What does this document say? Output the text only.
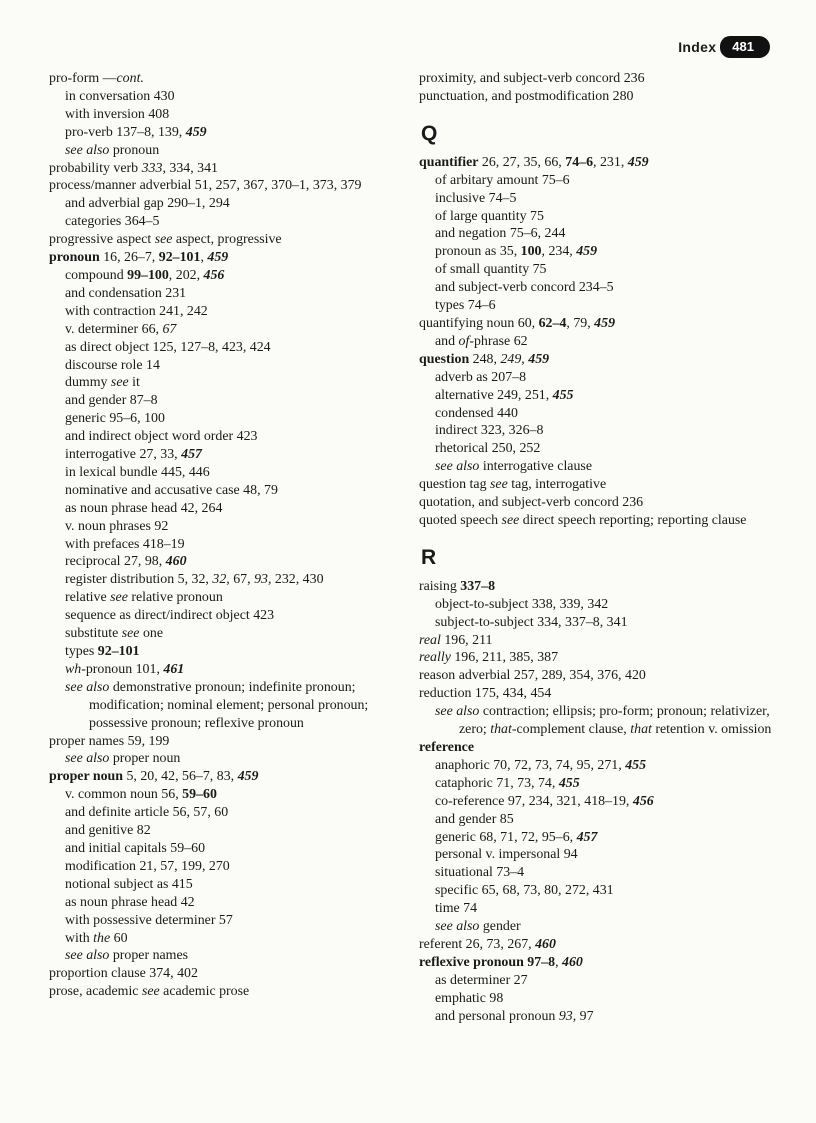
Index	481
pro-form —cont.
in conversation 430
with inversion 408
pro-verb 137–8, 139, 459
see also pronoun
probability verb 333, 334, 341
process/manner adverbial 51, 257, 367, 370–1, 373, 379
and adverbial gap 290–1, 294
categories 364–5
progressive aspect see aspect, progressive
pronoun 16, 26–7, 92–101, 459
compound 99–100, 202, 456
and condensation 231
with contraction 241, 242
v. determiner 66, 67
as direct object 125, 127–8, 423, 424
discourse role 14
dummy see it
and gender 87–8
generic 95–6, 100
and indirect object word order 423
interrogative 27, 33, 457
in lexical bundle 445, 446
nominative and accusative case 48, 79
as noun phrase head 42, 264
v. noun phrases 92
with prefaces 418–19
reciprocal 27, 98, 460
register distribution 5, 32, 32, 67, 93, 232, 430
relative see relative pronoun
sequence as direct/indirect object 423
substitute see one
types 92–101
wh-pronoun 101, 461
see also demonstrative pronoun; indefinite pronoun; modification; nominal element; personal pronoun; possessive pronoun; reflexive pronoun
proper names 59, 199
see also proper noun
proper noun 5, 20, 42, 56–7, 83, 459
v. common noun 56, 59–60
and definite article 56, 57, 60
and genitive 82
and initial capitals 59–60
modification 21, 57, 199, 270
notional subject as 415
as noun phrase head 42
with possessive determiner 57
with the 60
see also proper names
proportion clause 374, 402
prose, academic see academic prose
proximity, and subject-verb concord 236
punctuation, and postmodification 280
Q
quantifier 26, 27, 35, 66, 74–6, 231, 459
of arbitary amount 75–6
inclusive 74–5
of large quantity 75
and negation 75–6, 244
pronoun as 35, 100, 234, 459
of small quantity 75
and subject-verb concord 234–5
types 74–6
quantifying noun 60, 62–4, 79, 459
and of-phrase 62
question 248, 249, 459
adverb as 207–8
alternative 249, 251, 455
condensed 440
indirect 323, 326–8
rhetorical 250, 252
see also interrogative clause
question tag see tag, interrogative
quotation, and subject-verb concord 236
quoted speech see direct speech reporting; reporting clause
R
raising 337–8
object-to-subject 338, 339, 342
subject-to-subject 334, 337–8, 341
real 196, 211
really 196, 211, 385, 387
reason adverbial 257, 289, 354, 376, 420
reduction 175, 434, 454
see also contraction; ellipsis; pro-form; pronoun; relativizer, zero; that-complement clause, that retention v. omission
reference
anaphoric 70, 72, 73, 74, 95, 271, 455
cataphoric 71, 73, 74, 455
co-reference 97, 234, 321, 418–19, 456
and gender 85
generic 68, 71, 72, 95–6, 457
personal v. impersonal 94
situational 73–4
specific 65, 68, 73, 80, 272, 431
time 74
see also gender
referent 26, 73, 267, 460
reflexive pronoun 97–8, 460
as determiner 27
emphatic 98
and personal pronoun 93, 97
